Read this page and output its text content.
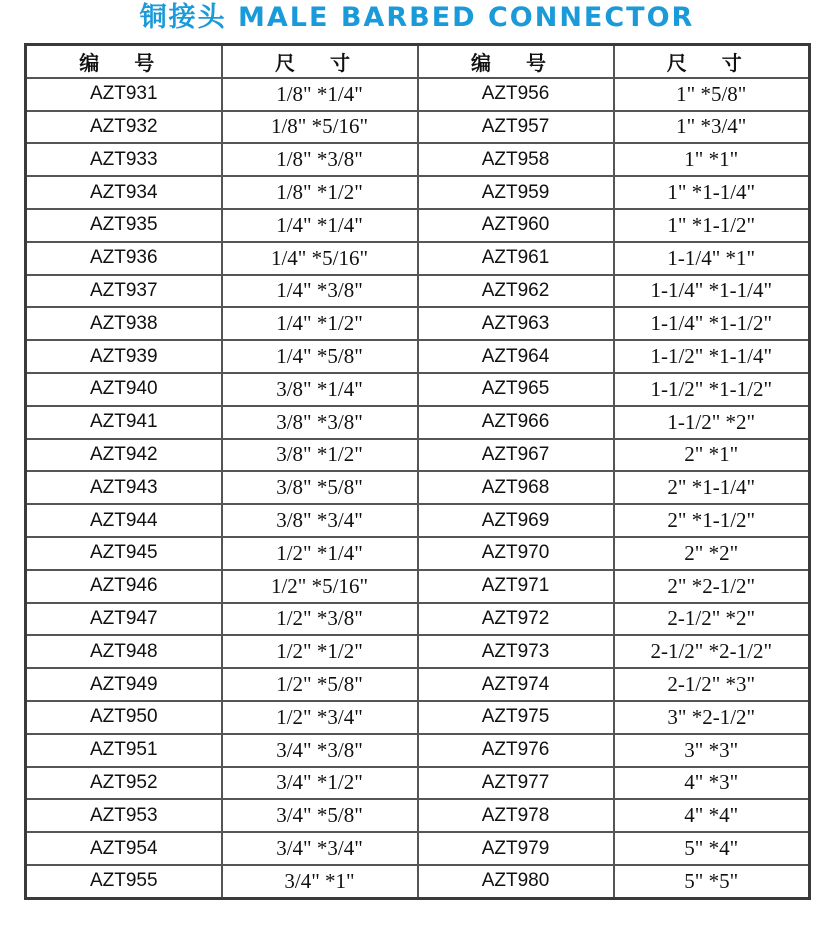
铜接头 MALE BARBED CONNECTOR
编 号	尺 寸	编 号	尺 寸
AZT931	1/8" *1/4"	AZT956	1" *5/8"
AZT932	1/8" *5/16"	AZT957	1" *3/4"
AZT933	1/8" *3/8"	AZT958	1" *1"
AZT934	1/8" *1/2"	AZT959	1" *1-1/4"
AZT935	1/4" *1/4"	AZT960	1" *1-1/2"
AZT936	1/4" *5/16"	AZT961	1-1/4" *1"
AZT937	1/4" *3/8"	AZT962	1-1/4" *1-1/4"
AZT938	1/4" *1/2"	AZT963	1-1/4" *1-1/2"
AZT939	1/4" *5/8"	AZT964	1-1/2" *1-1/4"
AZT940	3/8" *1/4"	AZT965	1-1/2" *1-1/2"
AZT941	3/8" *3/8"	AZT966	1-1/2" *2"
AZT942	3/8" *1/2"	AZT967	2" *1"
AZT943	3/8" *5/8"	AZT968	2" *1-1/4"
AZT944	3/8" *3/4"	AZT969	2" *1-1/2"
AZT945	1/2" *1/4"	AZT970	2" *2"
AZT946	1/2" *5/16"	AZT971	2" *2-1/2"
AZT947	1/2" *3/8"	AZT972	2-1/2" *2"
AZT948	1/2" *1/2"	AZT973	2-1/2" *2-1/2"
AZT949	1/2" *5/8"	AZT974	2-1/2" *3"
AZT950	1/2" *3/4"	AZT975	3" *2-1/2"
AZT951	3/4" *3/8"	AZT976	3" *3"
AZT952	3/4" *1/2"	AZT977	4" *3"
AZT953	3/4" *5/8"	AZT978	4" *4"
AZT954	3/4" *3/4"	AZT979	5" *4"
AZT955	3/4" *1"	AZT980	5" *5"
